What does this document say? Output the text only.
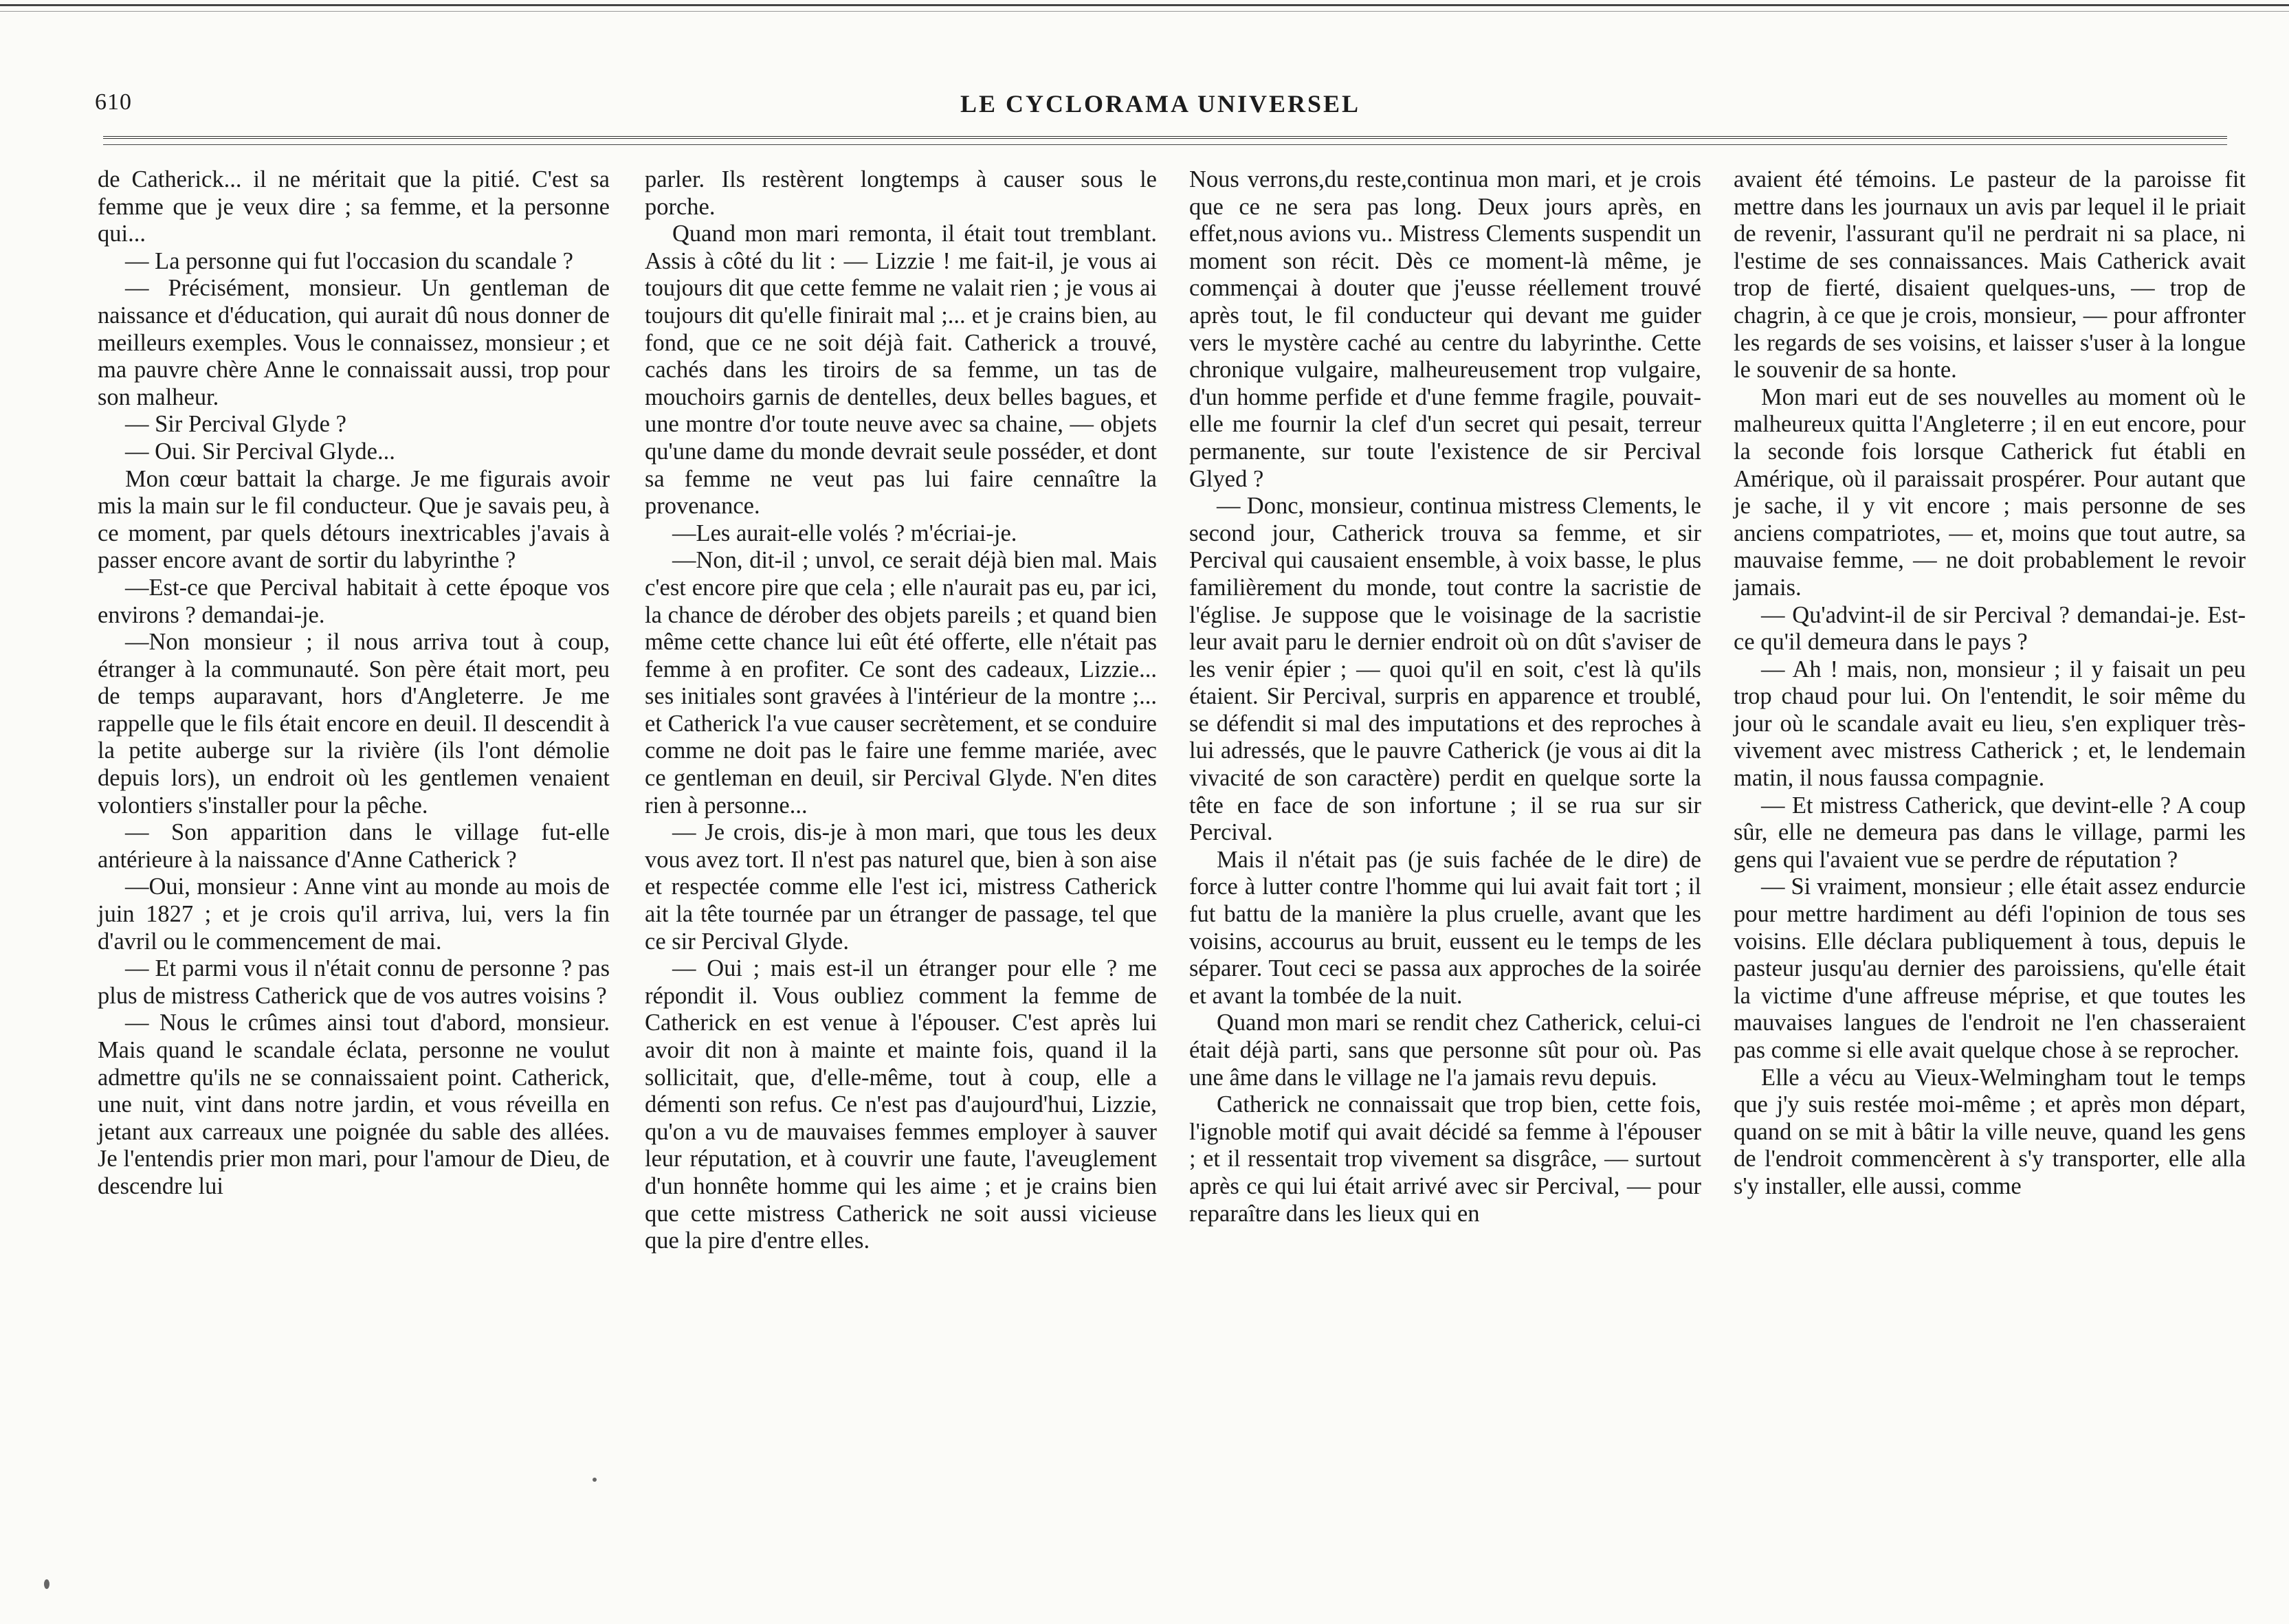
610	LE CYCLORAMA UNIVERSEL

de Catherick... il ne méritait que la pitié. C'est sa femme que je veux dire ; sa femme, et la personne qui...

— La personne qui fut l'occasion du scandale ?

— Précisément, monsieur. Un gentleman de naissance et d'éducation, qui aurait dû nous donner de meilleurs exemples. Vous le connaissez, monsieur ; et ma pauvre chère Anne le connaissait aussi, trop pour son malheur.

— Sir Percival Glyde ?

— Oui. Sir Percival Glyde...

Mon cœur battait la charge. Je me figurais avoir mis la main sur le fil conducteur. Que je savais peu, à ce moment, par quels détours inextricables j'avais à passer encore avant de sortir du labyrinthe ?

—Est-ce que Percival habitait à cette époque vos environs ? demandai-je.

—Non monsieur ; il nous arriva tout à coup, étranger à la communauté. Son père était mort, peu de temps auparavant, hors d'Angleterre. Je me rappelle que le fils était encore en deuil. Il descendit à la petite auberge sur la rivière (ils l'ont démolie depuis lors), un endroit où les gentlemen venaient volontiers s'installer pour la pêche.

— Son apparition dans le village fut-elle antérieure à la naissance d'Anne Catherick ?

—Oui, monsieur : Anne vint au monde au mois de juin 1827 ; et je crois qu'il arriva, lui, vers la fin d'avril ou le commencement de mai.

— Et parmi vous il n'était connu de personne ? pas plus de mistress Catherick que de vos autres voisins ?

— Nous le crûmes ainsi tout d'abord, monsieur. Mais quand le scandale éclata, personne ne voulut admettre qu'ils ne se connaissaient point. Catherick, une nuit, vint dans notre jardin, et vous réveilla en jetant aux carreaux une poignée du sable des allées. Je l'entendis prier mon mari, pour l'amour de Dieu, de descendre lui

parler. Ils restèrent longtemps à causer sous le porche.

Quand mon mari remonta, il était tout tremblant. Assis à côté du lit : — Lizzie ! me fait-il, je vous ai toujours dit que cette femme ne valait rien ; je vous ai toujours dit qu'elle finirait mal ;... et je crains bien, au fond, que ce ne soit déjà fait. Catherick a trouvé, cachés dans les tiroirs de sa femme, un tas de mouchoirs garnis de dentelles, deux belles bagues, et une montre d'or toute neuve avec sa chaine, — objets qu'une dame du monde devrait seule posséder, et dont sa femme ne veut pas lui faire cennaître la provenance.

—Les aurait-elle volés ? m'écriai-je.

—Non, dit-il ; unvol, ce serait déjà bien mal. Mais c'est encore pire que cela ; elle n'aurait pas eu, par ici, la chance de dérober des objets pareils ; et quand bien même cette chance lui eût été offerte, elle n'était pas femme à en profiter. Ce sont des cadeaux, Lizzie... ses initiales sont gravées à l'intérieur de la montre ;... et Catherick l'a vue causer secrètement, et se conduire comme ne doit pas le faire une femme mariée, avec ce gentleman en deuil, sir Percival Glyde. N'en dites rien à personne...

— Je crois, dis-je à mon mari, que tous les deux vous avez tort. Il n'est pas naturel que, bien à son aise et respectée comme elle l'est ici, mistress Catherick ait la tête tournée par un étranger de passage, tel que ce sir Percival Glyde.

— Oui ; mais est-il un étranger pour elle ? me répondit il. Vous oubliez comment la femme de Catherick en est venue à l'épouser. C'est après lui avoir dit non à mainte et mainte fois, quand il la sollicitait, que, d'elle-même, tout à coup, elle a démenti son refus. Ce n'est pas d'aujourd'hui, Lizzie, qu'on a vu de mauvaises femmes employer à sauver leur réputation, et à couvrir une faute, l'aveuglement d'un honnête homme qui les aime ; et je crains bien que cette mistress Catherick ne soit aussi vicieuse que la pire d'entre elles.

Nous verrons,du reste,continua mon mari, et je crois que ce ne sera pas long. Deux jours après, en effet,nous avions vu.. Mistress Clements suspendit un moment son récit. Dès ce moment-là même, je commençai à douter que j'eusse réellement trouvé après tout, le fil conducteur qui devant me guider vers le mystère caché au centre du labyrinthe. Cette chronique vulgaire, malheureusement trop vulgaire, d'un homme perfide et d'une femme fragile, pouvait-elle me fournir la clef d'un secret qui pesait, terreur permanente, sur toute l'existence de sir Percival Glyed ?

— Donc, monsieur, continua mistress Clements, le second jour, Catherick trouva sa femme, et sir Percival qui causaient ensemble, à voix basse, le plus familièrement du monde, tout contre la sacristie de l'église. Je suppose que le voisinage de la sacristie leur avait paru le dernier endroit où on dût s'aviser de les venir épier ; — quoi qu'il en soit, c'est là qu'ils étaient. Sir Percival, surpris en apparence et troublé, se défendit si mal des imputations et des reproches à lui adressés, que le pauvre Catherick (je vous ai dit la vivacité de son caractère) perdit en quelque sorte la tête en face de son infortune ; il se rua sur sir Percival.

Mais il n'était pas (je suis fachée de le dire) de force à lutter contre l'homme qui lui avait fait tort ; il fut battu de la manière la plus cruelle, avant que les voisins, accourus au bruit, eussent eu le temps de les séparer. Tout ceci se passa aux approches de la soirée et avant la tombée de la nuit.

Quand mon mari se rendit chez Catherick, celui-ci était déjà parti, sans que personne sût pour où. Pas une âme dans le village ne l'a jamais revu depuis.

Catherick ne connaissait que trop bien, cette fois, l'ignoble motif qui avait décidé sa femme à l'épouser ; et il ressentait trop vivement sa disgrâce, — surtout après ce qui lui était arrivé avec sir Percival, — pour reparaître dans les lieux qui en

avaient été témoins. Le pasteur de la paroisse fit mettre dans les journaux un avis par lequel il le priait de revenir, l'assurant qu'il ne perdrait ni sa place, ni l'estime de ses connaissances. Mais Catherick avait trop de fierté, disaient quelques-uns, — trop de chagrin, à ce que je crois, monsieur, — pour affronter les regards de ses voisins, et laisser s'user à la longue le souvenir de sa honte.

Mon mari eut de ses nouvelles au moment où le malheureux quitta l'Angleterre ; il en eut encore, pour la seconde fois lorsque Catherick fut établi en Amérique, où il paraissait prospérer. Pour autant que je sache, il y vit encore ; mais personne de ses anciens compatriotes, — et, moins que tout autre, sa mauvaise femme, — ne doit probablement le revoir jamais.

— Qu'advint-il de sir Percival ? demandai-je. Est-ce qu'il demeura dans le pays ?

— Ah ! mais, non, monsieur ; il y faisait un peu trop chaud pour lui. On l'entendit, le soir même du jour où le scandale avait eu lieu, s'en expliquer très-vivement avec mistress Catherick ; et, le lendemain matin, il nous faussa compagnie.

— Et mistress Catherick, que devint-elle ? A coup sûr, elle ne demeura pas dans le village, parmi les gens qui l'avaient vue se perdre de réputation ?

— Si vraiment, monsieur ; elle était assez endurcie pour mettre hardiment au défi l'opinion de tous ses voisins. Elle déclara publiquement à tous, depuis le pasteur jusqu'au dernier des paroissiens, qu'elle était la victime d'une affreuse méprise, et que toutes les mauvaises langues de l'endroit ne l'en chasseraient pas comme si elle avait quelque chose à se reprocher.

Elle a vécu au Vieux-Welmingham tout le temps que j'y suis restée moi-même ; et après mon départ, quand on se mit à bâtir la ville neuve, quand les gens de l'endroit commencèrent à s'y transporter, elle alla s'y installer, elle aussi, comme
